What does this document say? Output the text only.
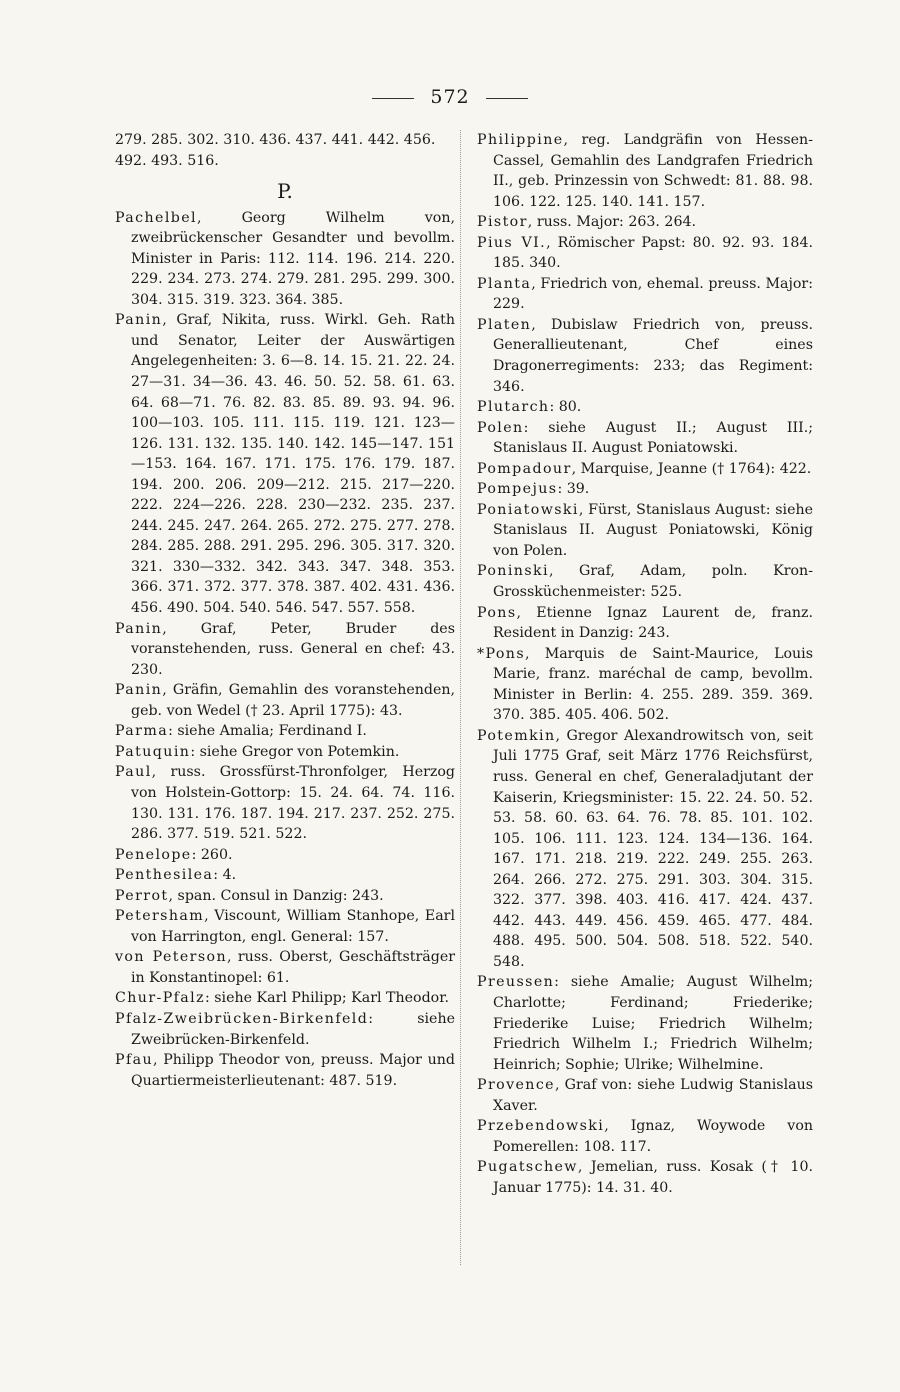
572

279. 285. 302. 310. 436. 437. 441. 442. 456. 492. 493. 516.

P.

Pachelbel, Georg Wilhelm von, zweibrückenscher Gesandter und bevollm. Minister in Paris: 112. 114. 196. 214. 220. 229. 234. 273. 274. 279. 281. 295. 299. 300. 304. 315. 319. 323. 364. 385.

Panin, Graf, Nikita, russ. Wirkl. Geh. Rath und Senator, Leiter der Auswärtigen Angelegenheiten: 3. 6—8. 14. 15. 21. 22. 24. 27—31. 34—36. 43. 46. 50. 52. 58. 61. 63. 64. 68—71. 76. 82. 83. 85. 89. 93. 94. 96. 100—103. 105. 111. 115. 119. 121. 123—126. 131. 132. 135. 140. 142. 145—147. 151—153. 164. 167. 171. 175. 176. 179. 187. 194. 200. 206. 209—212. 215. 217—220. 222. 224—226. 228. 230—232. 235. 237. 244. 245. 247. 264. 265. 272. 275. 277. 278. 284. 285. 288. 291. 295. 296. 305. 317. 320. 321. 330—332. 342. 343. 347. 348. 353. 366. 371. 372. 377. 378. 387. 402. 431. 436. 456. 490. 504. 540. 546. 547. 557. 558.

Panin, Graf, Peter, Bruder des voranstehenden, russ. General en chef: 43. 230.

Panin, Gräfin, Gemahlin des voranstehenden, geb. von Wedel († 23. April 1775): 43.

Parma: siehe Amalia; Ferdinand I.

Patuquin: siehe Gregor von Potemkin.

Paul, russ. Grossfürst-Thronfolger, Herzog von Holstein-Gottorp: 15. 24. 64. 74. 116. 130. 131. 176. 187. 194. 217. 237. 252. 275. 286. 377. 519. 521. 522.

Penelope: 260.

Penthesilea: 4.

Perrot, span. Consul in Danzig: 243.

Petersham, Viscount, William Stanhope, Earl von Harrington, engl. General: 157.

von Peterson, russ. Oberst, Geschäftsträger in Konstantinopel: 61.

Chur-Pfalz: siehe Karl Philipp; Karl Theodor.

Pfalz-Zweibrücken-Birkenfeld: siehe Zweibrücken-Birkenfeld.

Pfau, Philipp Theodor von, preuss. Major und Quartiermeisterlieutenant: 487. 519.

Philippine, reg. Landgräfin von Hessen-Cassel, Gemahlin des Landgrafen Friedrich II., geb. Prinzessin von Schwedt: 81. 88. 98. 106. 122. 125. 140. 141. 157.

Pistor, russ. Major: 263. 264.

Pius VI., Römischer Papst: 80. 92. 93. 184. 185. 340.

Planta, Friedrich von, ehemal. preuss. Major: 229.

Platen, Dubislaw Friedrich von, preuss. Generallieutenant, Chef eines Dragonerregiments: 233; das Regiment: 346.

Plutarch: 80.

Polen: siehe August II.; August III.; Stanislaus II. August Poniatowski.

Pompadour, Marquise, Jeanne († 1764): 422.

Pompejus: 39.

Poniatowski, Fürst, Stanislaus August: siehe Stanislaus II. August Poniatowski, König von Polen.

Poninski, Graf, Adam, poln. Kron-Grossküchenmeister: 525.

Pons, Etienne Ignaz Laurent de, franz. Resident in Danzig: 243.

*Pons, Marquis de Saint-Maurice, Louis Marie, franz. maréchal de camp, bevollm. Minister in Berlin: 4. 255. 289. 359. 369. 370. 385. 405. 406. 502.

Potemkin, Gregor Alexandrowitsch von, seit Juli 1775 Graf, seit März 1776 Reichsfürst, russ. General en chef, Generaladjutant der Kaiserin, Kriegsminister: 15. 22. 24. 50. 52. 53. 58. 60. 63. 64. 76. 78. 85. 101. 102. 105. 106. 111. 123. 124. 134—136. 164. 167. 171. 218. 219. 222. 249. 255. 263. 264. 266. 272. 275. 291. 303. 304. 315. 322. 377. 398. 403. 416. 417. 424. 437. 442. 443. 449. 456. 459. 465. 477. 484. 488. 495. 500. 504. 508. 518. 522. 540. 548.

Preussen: siehe Amalie; August Wilhelm; Charlotte; Ferdinand; Friederike; Friederike Luise; Friedrich Wilhelm; Friedrich Wilhelm I.; Friedrich Wilhelm; Heinrich; Sophie; Ulrike; Wilhelmine.

Provence, Graf von: siehe Ludwig Stanislaus Xaver.

Przebendowski, Ignaz, Woywode von Pomerellen: 108. 117.

Pugatschew, Jemelian, russ. Kosak († 10. Januar 1775): 14. 31. 40.
